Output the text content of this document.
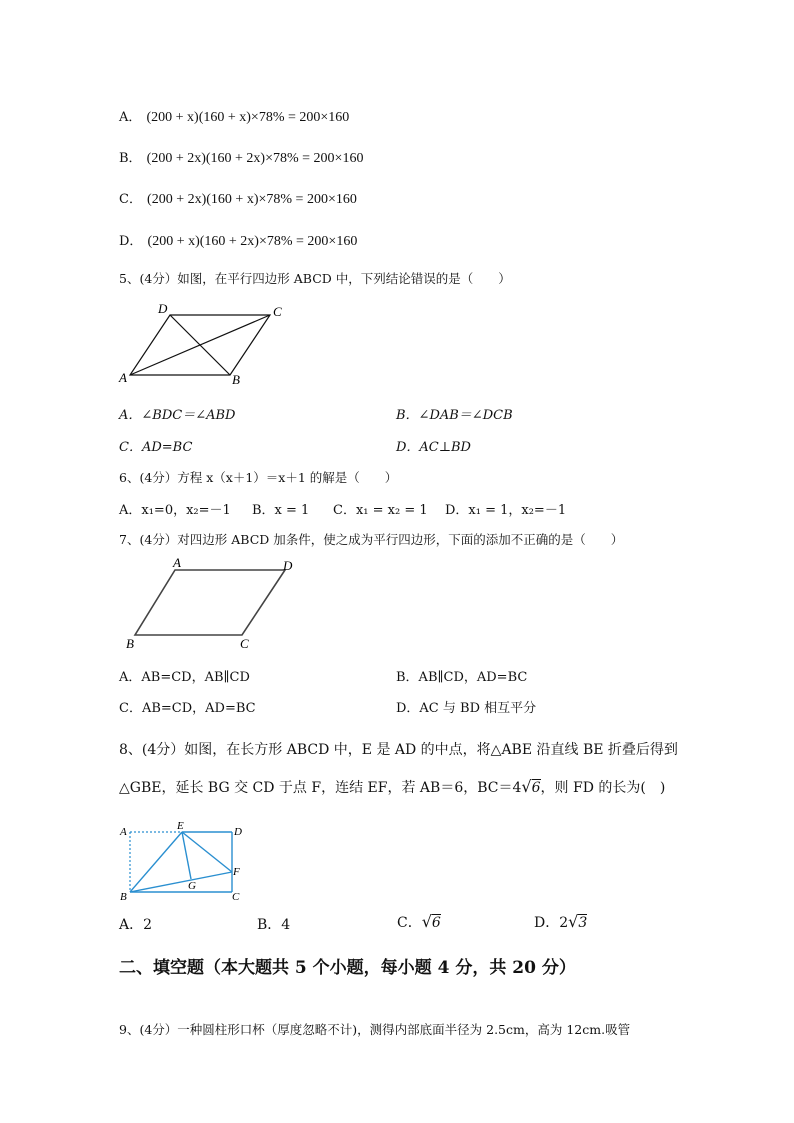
A． (200 + x)(160 + x)×78% = 200×160
B． (200 + 2x)(160 + 2x)×78% = 200×160
C． (200 + 2x)(160 + x)×78% = 200×160
D． (200 + x)(160 + 2x)×78% = 200×160
5、(4分）如图，在平行四边形 ABCD 中，下列结论错误的是（　　）
D	C
A	B
A．∠BDC＝∠ABD	B．∠DAB＝∠DCB
C．AD=BC	D．AC⊥BD
6、(4分）方程 x（x＋1）＝x＋1 的解是（　　）
A．x₁=0，x₂=－1 B．x = 1 C．x₁ = x₂ = 1 D．x₁ = 1，x₂=－1
7、(4分）对四边形 ABCD 加条件，使之成为平行四边形，下面的添加不正确的是（　　）
A	D
B	C
A．AB=CD，AB∥CD	B．AB∥CD，AD=BC
C．AB=CD，AD=BC	D．AC 与 BD 相互平分
8、(4分）如图，在长方形 ABCD 中，E 是 AD 的中点，将△ABE 沿直线 BE 折叠后得到
△GBE，延长 BG 交 CD 于点 F，连结 EF，若 AB＝6，BC＝4√6，则 FD 的长为(　)
A	E	D
F
G
B	C
A．2	B．4	C．√6	D．2√3
二、填空题（本大题共 5 个小题，每小题 4 分，共 20 分）
9、(4分）一种圆柱形口杯（厚度忽略不计)，测得内部底面半径为 2.5cm，高为 12cm.吸管
